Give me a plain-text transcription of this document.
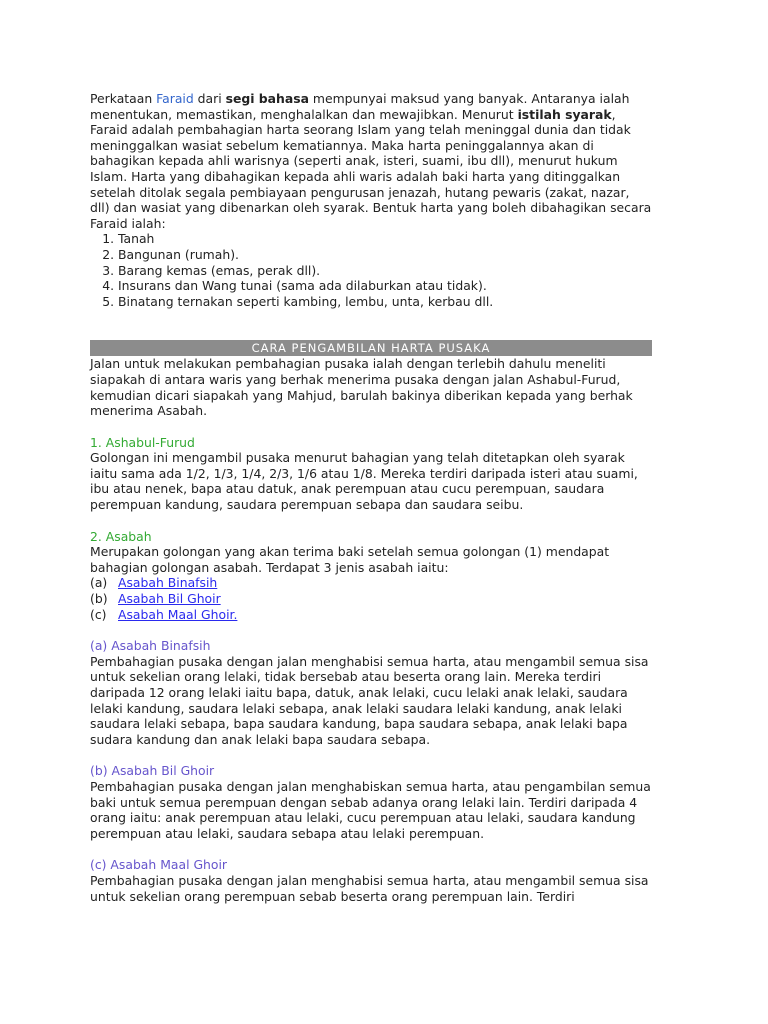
Perkataan Faraid dari segi bahasa mempunyai maksud yang banyak. Antaranya ialah menentukan, memastikan, menghalalkan dan mewajibkan. Menurut istilah syarak, Faraid adalah pembahagian harta seorang Islam yang telah meninggal dunia dan tidak meninggalkan wasiat sebelum kematiannya. Maka harta peninggalannya akan di bahagikan kepada ahli warisnya (seperti anak, isteri, suami, ibu dll), menurut hukum Islam. Harta yang dibahagikan kepada ahli waris adalah baki harta yang ditinggalkan setelah ditolak segala pembiayaan pengurusan jenazah, hutang pewaris (zakat, nazar, dll) dan wasiat yang dibenarkan oleh syarak. Bentuk harta yang boleh dibahagikan secara Faraid ialah:

1. Tanah
2. Bangunan (rumah).
3. Barang kemas (emas, perak dll).
4. Insurans dan Wang tunai (sama ada dilaburkan atau tidak).
5. Binatang ternakan seperti kambing, lembu, unta, kerbau dll.
CARA PENGAMBILAN HARTA PUSAKA

Jalan untuk melakukan pembahagian pusaka ialah dengan terlebih dahulu meneliti siapakah di antara waris yang berhak menerima pusaka dengan jalan Ashabul-Furud, kemudian dicari siapakah yang Mahjud, barulah bakinya diberikan kepada yang berhak menerima Asabah.

1. Ashabul-Furud

Golongan ini mengambil pusaka menurut bahagian yang telah ditetapkan oleh syarak iaitu sama ada 1/2, 1/3, 1/4, 2/3, 1/6 atau 1/8. Mereka terdiri daripada isteri atau suami, ibu atau nenek, bapa atau datuk, anak perempuan atau cucu perempuan, saudara perempuan kandung, saudara perempuan sebapa dan saudara seibu.

2. Asabah

Merupakan golongan yang akan terima baki setelah semua golongan (1) mendapat bahagian golongan asabah. Terdapat 3 jenis asabah iaitu:

(a) Asabah Binafsih
(b) Asabah Bil Ghoir
(c) Asabah Maal Ghoir.
(a) Asabah Binafsih

Pembahagian pusaka dengan jalan menghabisi semua harta, atau mengambil semua sisa untuk sekelian orang lelaki, tidak bersebab atau beserta orang lain. Mereka terdiri daripada 12 orang lelaki iaitu bapa, datuk, anak lelaki, cucu lelaki anak lelaki, saudara lelaki kandung, saudara lelaki sebapa, anak lelaki saudara lelaki kandung, anak lelaki saudara lelaki sebapa, bapa saudara kandung, bapa saudara sebapa, anak lelaki bapa sudara kandung dan anak lelaki bapa saudara sebapa.

(b) Asabah Bil Ghoir

Pembahagian pusaka dengan jalan menghabiskan semua harta, atau pengambilan semua baki untuk semua perempuan dengan sebab adanya orang lelaki lain. Terdiri daripada 4 orang iaitu: anak perempuan atau lelaki, cucu perempuan atau lelaki, saudara kandung perempuan atau lelaki, saudara sebapa atau lelaki perempuan.

(c) Asabah Maal Ghoir

Pembahagian pusaka dengan jalan menghabisi semua harta, atau mengambil semua sisa untuk sekelian orang perempuan sebab beserta orang perempuan lain. Terdiri
